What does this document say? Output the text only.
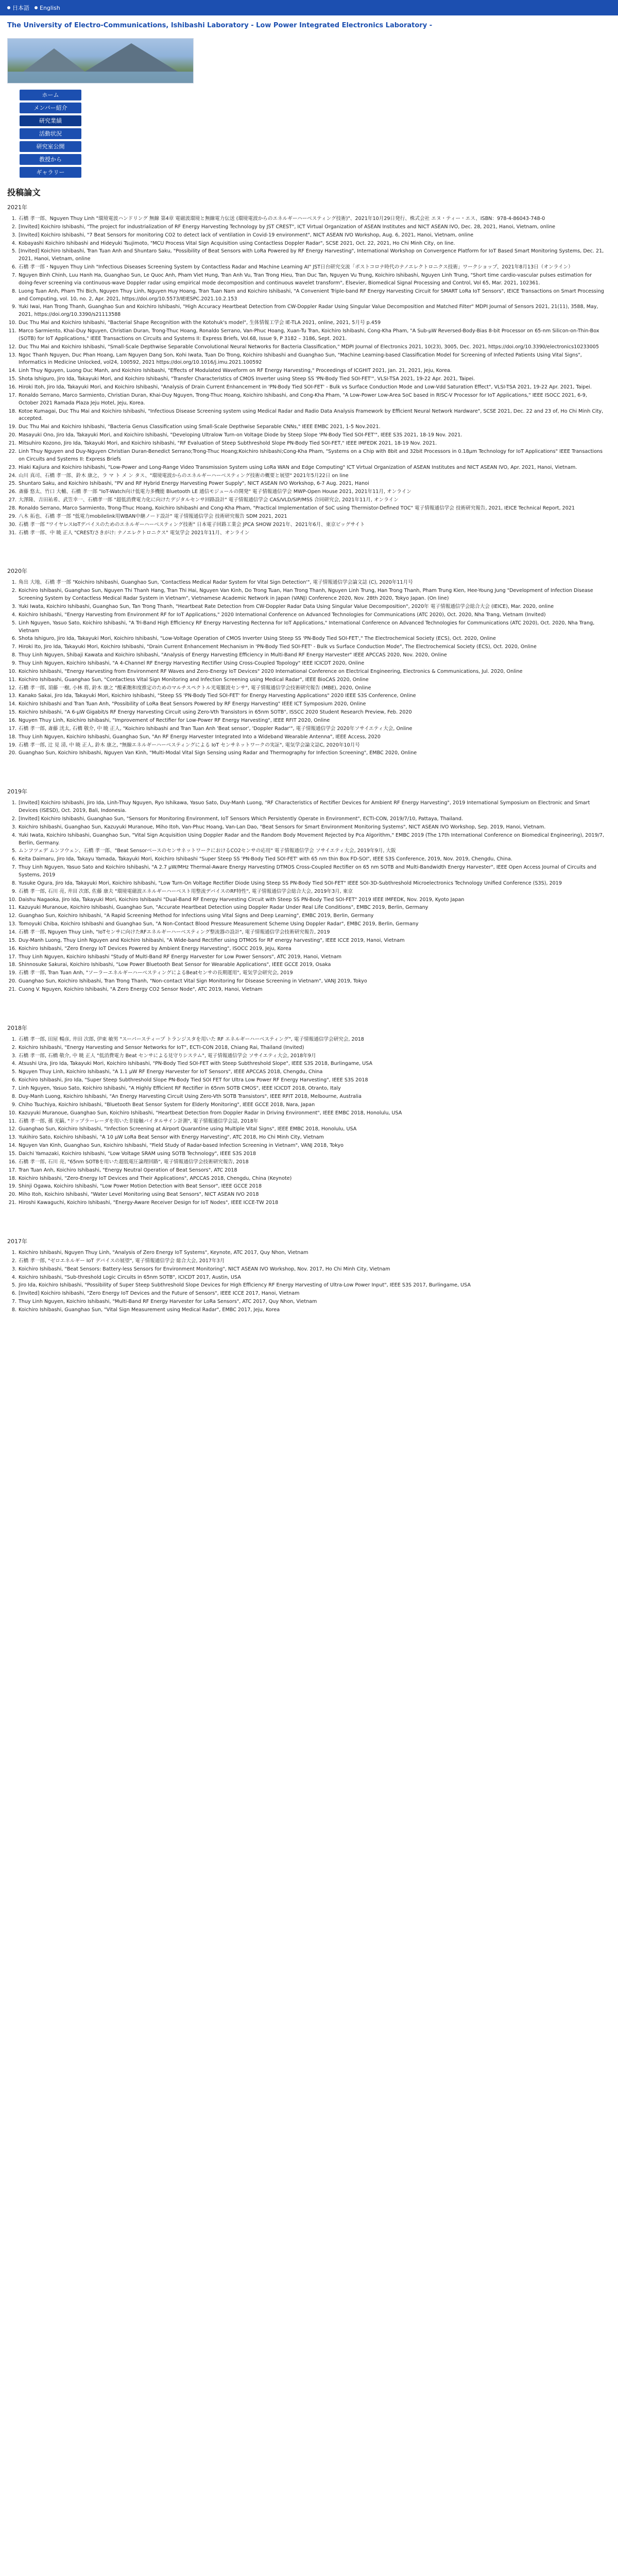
日本語 English
The University of Electro-Communications, Ishibashi Laboratory - Low Power Integrated Electronics Laboratory -
ホーム
メンバー紹介
研究業績
活動状況
研究室公開
教授から
ギャラリー
投稿論文
2021年
1. 石橋 孝一郎、Nguyen Thuy Linh "環境電波ハンドリング 無線 第4章 電磁波環境と無線電力伝送 (環境電波からのエネルギーハーベスティング技術)"、2021年10月29日発行、株式会社 エヌ・ティー・エス、ISBN：978-4-86043-748-0
2. [Invited] Koichiro Ishibashi, "The project for industrialization of RF Energy Harvesting Technology by JST CREST", ICT Virtual Organization of ASEAN Institutes and NICT ASEAN IVO, Dec. 28, 2021, Hanoi, Vietnam, online
3. [Invited] Koichiro Ishibashi, "7 Beat Sensors for monitoring CO2 to detect lack of ventilation in Covid-19 environment", NICT ASEAN IVO Workshop, Aug. 6, 2021, Hanoi, Vietnam, online
4. Kobayashi Koichiro Ishibashi and Hideyuki Tsujimoto, "MCU Process Vital Sign Acquisition using Contactless Doppler Radar", SCSE 2021, Oct. 22, 2021, Ho Chi Minh City, on line.
5. [Invited] Koichiro Ishibashi, Tran Tuan Anh and Shuntaro Saku, "Possibility of Beat Sensors with LoRa Powered by RF Energy Harvesting", International Workshop on Convergence Platform for IoT Based Smart Monitoring Systems, Dec. 21, 2021, Hanoi, Vietnam, online
6. 石橋 孝一郎・Nguyen Thuy Linh "Infectious Diseases Screening System by Contactless Radar and Machine Learning AI" JST日台研究交流「ポストコロナ時代のナノエレクトロニクス技術」ワークショップ、2021年8月13日（オンライン）
7. Nguyen Binh Chinh, Luu Hanh Ha, Guanghao Sun, Le Quoc Anh, Pham Viet Hung, Tran Anh Vu, Tran Trong Hieu, Tran Duc Tan, Nguyen Vu Trung, Koichiro Ishibashi, Nguyen Linh Trung, "Short time cardio-vascular pulses estimation for doing-fever screening via continuous-wave Doppler radar using empirical mode decomposition and continuous wavelet transform", Elsevier, Biomedical Signal Processing and Control, Vol 65, Mar. 2021, 102361.
8. Luong Tuan Anh, Pham Thi Bich, Nguyen Thuy Linh, Nguyen Huy Hoang, Tran Tuan Nam and Koichiro Ishibashi, "A Convenient Triple-band RF Energy Harvesting Circuit for SMART LoRa IoT Sensors", IEICE Transactions on Smart Processing and Computing, vol. 10, no. 2, Apr. 2021, https://doi.org/10.5573/IEIESPC.2021.10.2.153
9. Yuki Iwai, Han Trong Thanh, Guanghao Sun and Koichiro Ishibashi, "High Accuracy Heartbeat Detection from CW-Doppler Radar Using Singular Value Decomposition and Matched Filter" MDPI Journal of Sensors 2021, 21(11), 3588, May, 2021, https://doi.org/10.3390/s21113588
10. Duc Thu Mai and Koichiro Ishibashi, "Bacterial Shape Recognition with the Kotohuk's model", 生体情報工学会 IE-TLA 2021, online, 2021, 5月号 p.459
11. Marco Sarmiento, Khai-Duy Nguyen, Christian Duran, Trong-Thuc Hoang, Ronaldo Serrano, Van-Phuc Hoang, Xuan-Tu Tran, Koichiro Ishibashi, Cong-Kha Pham, "A Sub-μW Reversed-Body-Bias 8-bit Processor on 65-nm Silicon-on-Thin-Box (SOTB) for IoT Applications," IEEE Transactions on Circuits and Systems II: Express Briefs, Vol.68, Issue 9, P 3182 – 3186, Sept. 2021.
12. Duc Thu Mai and Koichiro Ishibashi, "Small-Scale Depthwise Separable Convolutional Neural Networks for Bacteria Classification," MDPI Journal of Electronics 2021, 10(23), 3005, Dec. 2021, https://doi.org/10.3390/electronics10233005
13. Ngoc Thanh Nguyen, Duc Phan Hoang, Lam Nguyen Dang Son, Kohi Iwata, Tuan Do Trong, Koichiro Ishibashi and Guanghao Sun, "Machine Learning-based Classification Model for Screening of Infected Patients Using Vital Signs", Informatics in Medicine Unlocked, vol24, 100592, 2021 https://doi.org/10.1016/j.imu.2021.100592
14. Linh Thuy Nguyen, Luong Duc Manh, and Koichiro Ishibashi, "Effects of Modulated Waveform on RF Energy Harvesting," Proceedings of ICGHIT 2021, Jan. 21, 2021, Jeju, Korea.
15. Shota Ishiguro, Jiro Ida, Takayuki Mori, and Koichiro Ishibashi, "Transfer Characteristics of CMOS Inverter using Steep SS 'PN-Body Tied SOI-FET'", VLSI-TSA 2021, 19-22 Apr. 2021, Taipei.
16. Hiroki Itoh, Jiro Ida, Takayuki Mori, and Koichiro Ishibashi, "Analysis of Drain Current Enhancement in 'PN-Body Tied SOI-FET' - Bulk vs Surface Conduction Mode and Low-Vdd Saturation Effect", VLSI-TSA 2021, 19-22 Apr. 2021, Taipei.
17. Ronaldo Serrano, Marco Sarmiento, Christian Duran, Khai-Duy Nguyen, Trong-Thuc Hoang, Koichiro Ishibashi, and Cong-Kha Pham, "A Low-Power Low-Area SoC based in RISC-V Processor for IoT Applications," IEEE ISOCC 2021, 6-9, October 2021 Ramada Plaza Jeju Hotel, Jeju, Korea.
18. Kotoe Kumagai, Duc Thu Mai and Koichiro Ishibashi, "Infectious Disease Screening system using Medical Radar and Radio Data Analysis Framework by Efficient Neural Network Hardware", SCSE 2021, Dec. 22 and 23 of, Ho Chi Minh City, accepted.
19. Duc Thu Mai and Koichiro Ishibashi, "Bacteria Genus Classification using Small-Scale Depthwise Separable CNNs," IEEE EMBC 2021, 1-5 Nov.2021.
20. Masayuki Ono, Jiro Ida, Takayuki Mori, and Koichiro Ishibashi, "Developing Ultralow Turn-on Voltage Diode by Steep Slope 'PN-Body Tied SOI-FET'", IEEE S3S 2021, 18-19 Nov. 2021.
21. Mitsuhiro Kozono, Jiro Ida, Takayuki Mori, and Koichiro Ishibashi, "RF Evaluation of Steep Subthreshold Slope PN-Body Tied SOI-FET," IEEE IMFEDK 2021, 18-19 Nov. 2021.
22. Linh Thuy Nguyen and Duy-Nguyen Christian Duran-Benedict Serrano;Trong-Thuc Hoang;Koichiro Ishibashi;Cong-Kha Pham, "Systems on a Chip with 8bit and 32bit Processors in 0.18μm Technology for IoT Applications" IEEE Transactions on Circuits and Systems II: Express Briefs
23. Hiaki Kajiura and Koichiro Ishibashi, "Low-Power and Long-Range Video Transmission System using LoRa WAN and Edge Computing" ICT Virtual Organization of ASEAN Institutes and NICT ASEAN IVO, Apr. 2021, Hanoi, Vietnam.
24. 山川 真司、石橋 孝一郎、鈴木 康之、ラ マ ト メ ン タス、"環境電波からのエネルギーハーベスティング技術の概要と展望" 2021年5月22日 on line
25. Shuntaro Saku, and Koichiro Ishibashi, "PV and RF Hybrid Energy Harvesting Power Supply", NICT ASEAN IVO Workshop, 6-7 Aug. 2021, Hanoi
26. 斎藤 悠太、竹口 大輔、石橋 孝一郎 "IoT-Watch向け低電力多機能 Bluetooth LE 通信モジュールの開発" 電子情報通信学会 MWP-Open House 2021, 2021年11月, オンライン
27. 大澤隆、吉田祐希、武笠幸一、石橋孝一郎 "超低消費電力化に向けたデジタルセンサ回路設計" 電子情報通信学会 CAS/VLD/SIP/MSS 合同研究会, 2021年11月, オンライン
28. Ronaldo Serrano, Marco Sarmiento, Trong-Thuc Hoang, Koichiro Ishibashi and Cong-Kha Pham, "Practical Implementation of SoC using Thermistor-Defined TOC" 電子情報通信学会 技術研究報告, 2021, IEICE Technical Report, 2021
29. 八木 拓也、石橋 孝一郎 "低電力mobilelink用WBAN中継ノード設計" 電子情報通信学会 技術研究報告 SDM 2021, 2021
30. 石橋 孝一郎 "ワイヤレスIoTデバイスのためのエネルギーハーベスティング技術" 日本電子回路工業会 JPCA SHOW 2021年、2021年6月、東京ビッグサイト
31. 石橋 孝一郎、中 暁 正人 "CREST/さきがけ: ナノエレクトロニクス" 電気学会 2021年11月、オンライン
2020年
1. 角出 大地、石橋 孝一郎 "Koichiro Ishibashi, Guanghao Sun, 'Contactless Medical Radar System for Vital Sign Detection'", 電子情報通信学会論文誌 (C), 2020年11月号
2. Koichiro Ishibashi, Guanghao Sun, Nguyen Thi Thanh Hang, Tran Thi Hai, Nguyen Van Kinh, Do Trong Tuan, Han Trong Thanh, Nguyen Linh Trung, Han Trong Thanh, Pham Trung Kien, Hee-Young Jung "Development of Infection Disease Screening System by Contactless Medical Radar System in Vietnam", Vietnamese Academic Network in Japan (VANJ) Conference 2020, Nov. 28th 2020, Tokyo Japan. (On line)
3. Yuki Iwata, Koichiro Ishibashi, Guanghao Sun, Tan Trong Thanh, "Heartbeat Rate Detection from CW-Doppler Radar Data Using Singular Value Decomposition", 2020年 電子情報通信学会総合大会 (IEICE), Mar. 2020, online
4. Koichiro Ishibashi, "Energy Harvesting from Environment RF for IoT Applications," 2020 International Conference on Advanced Technologies for Communications (ATC 2020), Oct. 2020, Nha Trang, Vietnam (Invited)
5. Linh Nguyen, Yasuo Sato, Koichiro Ishibashi, "A Tri-Band High Efficiency RF Energy Harvesting Rectenna for IoT Applications," International Conference on Advanced Technologies for Communications (ATC 2020), Oct. 2020, Nha Trang, Vietnam
6. Shota Ishiguro, Jiro Ida, Takayuki Mori, Koichiro Ishibashi, "Low-Voltage Operation of CMOS Inverter Using Steep SS 'PN-Body Tied SOI-FET'," The Electrochemical Society (ECS), Oct. 2020, Online
7. Hiroki Ito, Jiro Ida, Takayuki Mori, Koichiro Ishibashi, "Drain Current Enhancement Mechanism in 'PN-Body Tied SOI-FET' - Bulk vs Surface Conduction Mode", The Electrochemical Society (ECS), Oct. 2020, Online
8. Thuy Linh Nguyen, Shibaji Kawata and Koichiro Ishibashi, "Analysis of Energy Harvesting Efficiency in Multi-Band RF Energy Harvester" IEEE APCCAS 2020, Nov. 2020, Online
9. Thuy Linh Nguyen, Koichiro Ishibashi, "A 4-Channel RF Energy Harvesting Rectifier Using Cross-Coupled Topology" IEEE ICICDT 2020, Online
10. Koichiro Ishibashi, "Energy Harvesting from Environment RF Waves and Zero-Energy IoT Devices" 2020 International Conference on Electrical Engineering, Electronics & Communications, Jul. 2020, Online
11. Koichiro Ishibashi, Guanghao Sun, "Contactless Vital Sign Monitoring and Infection Screening using Medical Radar", IEEE BioCAS 2020, Online
12. 石橋 孝一郎, 須藤 一樹, 小林 将, 鈴木 康之 "酸素飽和度推定のためのマルチスペクトル光電脈波センサ", 電子情報通信学会技術研究報告 (MBE), 2020, Online
13. Kanako Sakai, Jiro Ida, Takayuki Mori, Koichiro Ishibashi, "Steep SS 'PN-Body Tied SOI-FET' for Energy Harvesting Applications" 2020 IEEE S3S Conference, Online
14. Koichiro Ishibashi and Tran Tuan Anh, "Possibility of LoRa Beat Sensors Powered by RF Energy Harvesting" IEEE ICT Symposium 2020, Online
15. Koichiro Ishibashi, "A 6-μW Gigabit/s RF Energy Harvesting Circuit using Zero-Vth Transistors in 65nm SOTB", ISSCC 2020 Student Research Preview, Feb. 2020
16. Nguyen Thuy Linh, Koichiro Ishibashi, "Improvement of Rectifier for Low-Power RF Energy Harvesting", IEEE RFIT 2020, Online
17. 石橋 孝一郎, 斎藤 洸太, 石橋 敬介, 中 暁 正人, "Koichiro Ishibashi and Tran Tuan Anh 'Beat sensor', 'Doppler Radar'", 電子情報通信学会 2020年ソサイエティ大会, Online
18. Thuy Linh Nguyen, Koichiro Ishibashi, Guanghao Sun, "An RF Energy Harvester Integrated Into a Wideband Wearable Antenna", IEEE Access, 2020
19. 石橋 孝一郎, 辻 見 清, 中 暁 正人, 鈴木 康之, "無線エネルギーハーベスティングによる IoT センサネットワークの実証", 電気学会論文誌C, 2020年10月号
20. Guanghao Sun, Koichiro Ishibashi, Nguyen Van Kinh, "Multi-Modal Vital Sign Sensing using Radar and Thermography for Infection Screening", EMBC 2020, Online
2019年
1. [Invited] Koichiro Ishibashi, Jiro Ida, Linh-Thuy Nguyen, Ryo Ishikawa, Yasuo Sato, Duy-Manh Luong, "RF Characteristics of Rectifier Devices for Ambient RF Energy Harvesting", 2019 International Symposium on Electronic and Smart Devices (ISESD), Oct. 2019, Bali, Indonesia.
2. [Invited] Koichiro Ishibashi, Guanghao Sun, "Sensors for Monitoring Environment, IoT Sensors Which Persistently Operate in Environment", ECTI-CON, 2019/7/10, Pattaya, Thailand.
3. Koichiro Ishibashi, Guanghao Sun, Kazuyuki Muranoue, Miho Itoh, Van-Phuc Hoang, Van-Lan Dao, "Beat Sensors for Smart Environment Monitoring Systems", NICT ASEAN IVO Workshop, Sep. 2019, Hanoi, Vietnam.
4. Yuki Iwata, Koichiro Ishibashi, Guanghao Sun, "Vital Sign Acquisition Using Doppler Radar and the Random Body Movement Rejected by Pca Algorithm," EMBC 2019 (The 17th International Conference on Biomedical Engineering), 2019/7, Berlin, Germany.
5. ムンフツェデ ムンフウェン、石橋 孝一郎、"Beat SensorベースのセンサネットワークにおけるCO2センサの応用" 電子情報通信学会 ソサイエティ大会, 2019年9月, 大阪
6. Keita Daimaru, Jiro Ida, Takayu Yamada, Takayuki Mori, Koichiro Ishibashi "Super Steep SS 'PN-Body Tied SOI-FET' with 65 nm thin Box FD-SOI", IEEE S3S Conference, 2019, Nov. 2019, Chengdu, China.
7. Thuy Linh Nguyen, Yasuo Sato and Koichiro Ishibashi, "A 2.7 μW/MHz Thermal-Aware Energy Harvesting DTMOS Cross-Coupled Rectifier on 65 nm SOTB and Multi-Bandwidth Energy Harvester", IEEE Open Access Journal of Circuits and Systems, 2019
8. Yusuke Ogura, Jiro Ida, Takayuki Mori, Koichiro Ishibashi, "Low Turn-On Voltage Rectifier Diode Using Steep SS PN-Body Tied SOI-FET" IEEE SOI-3D-Subthreshold Microelectronics Technology Unified Conference (S3S), 2019
9. 石橋 孝一郎, 石川 亮, 井田 次郎, 佐藤 康夫 "環境電磁波エネルギーハーベスト用整流デバイスのRF特性", 電子情報通信学会総合大会, 2019年3月, 東京
10. Daishu Nagaoka, Jiro Ida, Takayuki Mori, Koichiro Ishibashi "Dual-Band RF Energy Harvesting Circuit with Steep SS PN-Body Tied SOI-FET" 2019 IEEE IMFEDK, Nov. 2019, Kyoto Japan
11. Kazuyuki Muranoue, Koichiro Ishibashi, Guanghao Sun, "Accurate Heartbeat Detection using Doppler Radar Under Real Life Conditions", EMBC 2019, Berlin, Germany
12. Guanghao Sun, Koichiro Ishibashi, "A Rapid Screening Method for Infections using Vital Signs and Deep Learning", EMBC 2019, Berlin, Germany
13. Tomoyuki Chiba, Koichiro Ishibashi and Guanghao Sun, "A Non-Contact Blood Pressure Measurement Scheme Using Doppler Radar", EMBC 2019, Berlin, Germany
14. 石橋 孝一郎, Nguyen Thuy Linh, "IoTセンサに向けたRFエネルギーハーベスティング整流器の設計", 電子情報通信学会技術研究報告, 2019
15. Duy-Manh Luong, Thuy Linh Nguyen and Koichiro Ishibashi, "A Wide-band Rectifier using DTMOS for RF energy harvesting", IEEE ICCE 2019, Hanoi, Vietnam
16. Koichiro Ishibashi, "Zero Energy IoT Devices Powered by Ambient Energy Harvesting", ISOCC 2019, Jeju, Korea
17. Thuy Linh Nguyen, Koichiro Ishibashi "Study of Multi-Band RF Energy Harvester for Low Power Sensors", ATC 2019, Hanoi, Vietnam
18. Shinnosuke Sakurai, Koichiro Ishibashi, "Low Power Bluetooth Beat Sensor for Wearable Applications", IEEE GCCE 2019, Osaka
19. 石橋 孝一郎, Tran Tuan Anh, "ソーラーエネルギーハーベスティングによるBeatセンサの長期運用", 電気学会研究会, 2019
20. Guanghao Sun, Koichiro Ishibashi, Tran Trong Thanh, "Non-contact Vital Sign Monitoring for Disease Screening in Vietnam", VANJ 2019, Tokyo
21. Cuong V. Nguyen, Koichiro Ishibashi, "A Zero Energy CO2 Sensor Node", ATC 2019, Hanoi, Vietnam
2018年
1. 石橋 孝一郎, 田屋 暢彦, 井田 次郎, 伊東 敏男 "スーパースティープ トランジスタを用いた RF エネルギーハーベスティング", 電子情報通信学会研究会, 2018
2. Koichiro Ishibashi, "Energy Harvesting and Sensor Networks for IoT", ECTI-CON 2018, Chiang Rai, Thailand (Invited)
3. 石橋 孝一郎, 石橋 敬介, 中 暁 正人 "低消費電力 Beat センサによる見守りシステム", 電子情報通信学会 ソサイエティ大会, 2018年9月
4. Atsushi Ura, Jiro Ida, Takayuki Mori, Koichiro Ishibashi, "PN-Body Tied SOI-FET with Steep Subthreshold Slope", IEEE S3S 2018, Burlingame, USA
5. Nguyen Thuy Linh, Koichiro Ishibashi, "A 1.1 μW RF Energy Harvester for IoT Sensors", IEEE APCCAS 2018, Chengdu, China
6. Koichiro Ishibashi, Jiro Ida, "Super Steep Subthreshold Slope PN-Body Tied SOI FET for Ultra Low Power RF Energy Harvesting", IEEE S3S 2018
7. Linh Nguyen, Yasuo Sato, Koichiro Ishibashi, "A Highly Efficient RF Rectifier in 65nm SOTB CMOS", IEEE ICICDT 2018, Otranto, Italy
8. Duy-Manh Luong, Koichiro Ishibashi, "An Energy Harvesting Circuit Using Zero-Vth SOTB Transistors", IEEE RFIT 2018, Melbourne, Australia
9. Chiho Tsuchiya, Koichiro Ishibashi, "Bluetooth Beat Sensor System for Elderly Monitoring", IEEE GCCE 2018, Nara, Japan
10. Kazuyuki Muranoue, Guanghao Sun, Koichiro Ishibashi, "Heartbeat Detection from Doppler Radar in Driving Environment", IEEE EMBC 2018, Honolulu, USA
11. 石橋 孝一郎, 孫 光鎬, "ドップラーレーダを用いた非接触バイタルサイン計測", 電子情報通信学会誌, 2018年
12. Guanghao Sun, Koichiro Ishibashi, "Infection Screening at Airport Quarantine using Multiple Vital Signs", IEEE EMBC 2018, Honolulu, USA
13. Yukihiro Sato, Koichiro Ishibashi, "A 10 μW LoRa Beat Sensor with Energy Harvesting", ATC 2018, Ho Chi Minh City, Vietnam
14. Nguyen Van Kinh, Guanghao Sun, Koichiro Ishibashi, "Field Study of Radar-based Infection Screening in Vietnam", VANJ 2018, Tokyo
15. Daichi Yamazaki, Koichiro Ishibashi, "Low Voltage SRAM using SOTB Technology", IEEE S3S 2018
16. 石橋 孝一郎, 石川 亮, "65nm SOTBを用いた超低電圧論理回路", 電子情報通信学会技術研究報告, 2018
17. Tran Tuan Anh, Koichiro Ishibashi, "Energy Neutral Operation of Beat Sensors", ATC 2018
18. Koichiro Ishibashi, "Zero-Energy IoT Devices and Their Applications", APCCAS 2018, Chengdu, China (Keynote)
19. Shinji Ogawa, Koichiro Ishibashi, "Low Power Motion Detection with Beat Sensor", IEEE GCCE 2018
20. Miho Itoh, Koichiro Ishibashi, "Water Level Monitoring using Beat Sensors", NICT ASEAN IVO 2018
21. Hiroshi Kawaguchi, Koichiro Ishibashi, "Energy-Aware Receiver Design for IoT Nodes", IEEE ICCE-TW 2018
2017年
1. Koichiro Ishibashi, Nguyen Thuy Linh, "Analysis of Zero Energy IoT Systems", Keynote, ATC 2017, Quy Nhon, Vietnam
2. 石橋 孝一郎, "ゼロエネルギー IoT デバイスの展望", 電子情報通信学会 総合大会, 2017年3月
3. Koichiro Ishibashi, "Beat Sensors: Battery-less Sensors for Environment Monitoring", NICT ASEAN IVO Workshop, Nov. 2017, Ho Chi Minh City, Vietnam
4. Koichiro Ishibashi, "Sub-threshold Logic Circuits in 65nm SOTB", ICICDT 2017, Austin, USA
5. Jiro Ida, Koichiro Ishibashi, "Possibility of Super Steep Subthreshold Slope Devices for High Efficiency RF Energy Harvesting of Ultra-Low Power Input", IEEE S3S 2017, Burlingame, USA
6. [Invited] Koichiro Ishibashi, "Zero Energy IoT Devices and the Future of Sensors", IEEE ICCE 2017, Hanoi, Vietnam
7. Thuy Linh Nguyen, Koichiro Ishibashi, "Multi-Band RF Energy Harvester for LoRa Sensors", ATC 2017, Quy Nhon, Vietnam
8. Koichiro Ishibashi, Guanghao Sun, "Vital Sign Measurement using Medical Radar", EMBC 2017, Jeju, Korea
